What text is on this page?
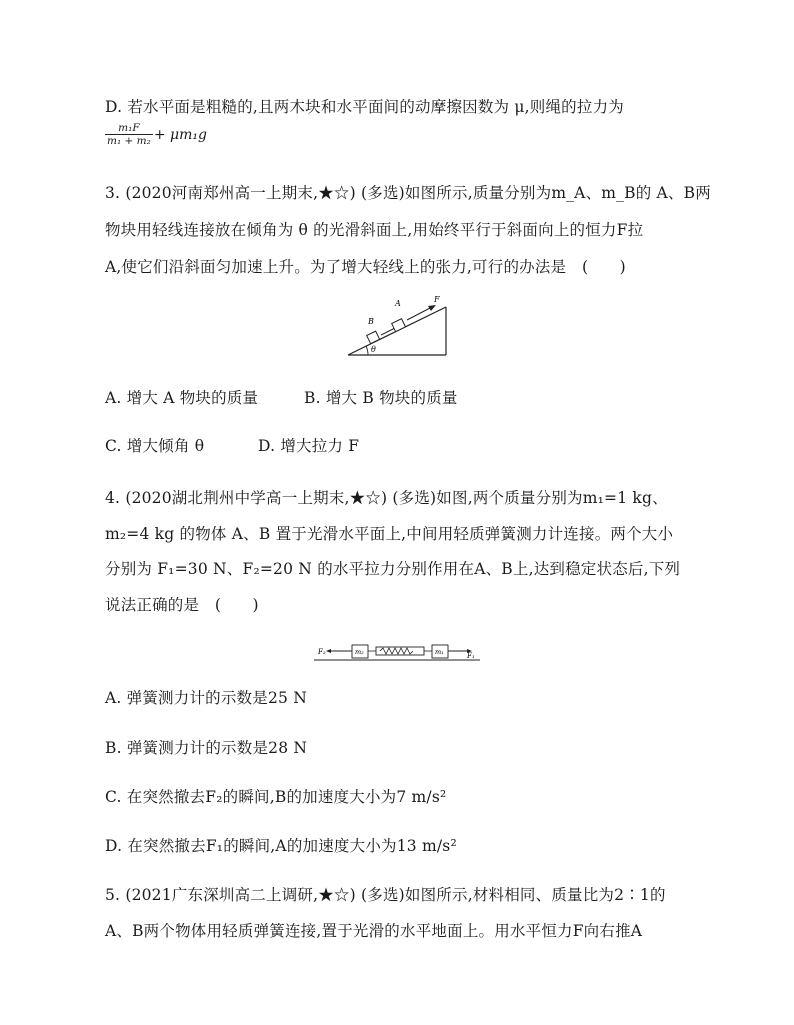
D. 若水平面是粗糙的,且两木块和水平面间的动摩擦因数为 μ,则绳的拉力为
$\frac{\text{m₁F}}{\text{m₁ + m₂}} + \mu m_1g$
3. (2020河南郑州高一上期末,★☆) (多选)如图所示,质量分别为m_A、m_B的 A、B两
物块用轻线连接放在倾角为 θ 的光滑斜面上,用始终平行于斜面向上的恒力F拉
A,使它们沿斜面匀加速上升。为了增大轻线上的张力,可行的办法是　(　　)
θ
B
A	F
A. 增大 A 物块的质量	B. 增大 B 物块的质量
C. 增大倾角 θ	D. 增大拉力 F
4. (2020湖北荆州中学高一上期末,★☆) (多选)如图,两个质量分别为m₁=1 kg、
m₂=4 kg 的物体 A、B 置于光滑水平面上,中间用轻质弹簧测力计连接。两个大小
分别为 F₁=30 N、F₂=20 N 的水平拉力分别作用在A、B上,达到稳定状态后,下列
说法正确的是　(　　)
F₂	m₂	m₁	F₁
A. 弹簧测力计的示数是25 N
B. 弹簧测力计的示数是28 N
C. 在突然撤去F₂的瞬间,B的加速度大小为7 m/s²
D. 在突然撤去F₁的瞬间,A的加速度大小为13 m/s²
5. (2021广东深圳高二上调研,★☆) (多选)如图所示,材料相同、质量比为2∶1的
A、B两个物体用轻质弹簧连接,置于光滑的水平地面上。用水平恒力F向右推A
